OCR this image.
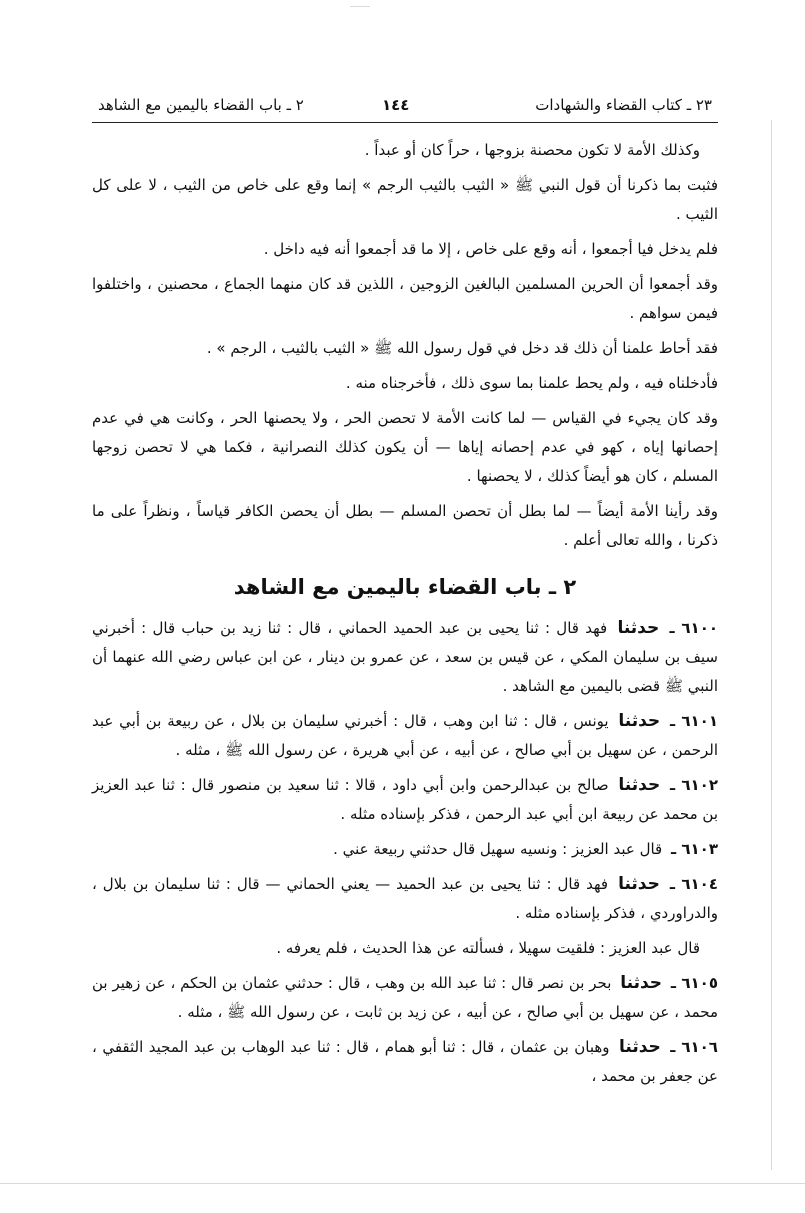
٢٣ ـ كتاب القضاء والشهادات
١٤٤
٢ ـ باب القضاء باليمين مع الشاهد

وكذلك الأمة لا تكون محصنة بزوجها ، حراً كان أو عبداً .

فثبت بما ذكرنا أن قول النبي ﷺ « الثيب بالثيب الرجم » إنما وقع على خاص من الثيب ، لا على كل الثيب .

فلم يدخل فيا أجمعوا ، أنه وقع على خاص ، إلا ما قد أجمعوا أنه فيه داخل .

وقد أجمعوا أن الحرين المسلمين البالغين الزوجين ، اللذين قد كان منهما الجماع ، محصنين ، واختلفوا فيمن سواهم .

فقد أحاط علمنا أن ذلك قد دخل في قول رسول الله ﷺ « الثيب بالثيب ، الرجم » .

فأدخلناه فيه ، ولم يحط علمنا بما سوى ذلك ، فأخرجناه منه .

وقد كان يجيء في القياس — لما كانت الأمة لا تحصن الحر ، ولا يحصنها الحر ، وكانت هي في عدم إحصانها إياه ، كهو في عدم إحصانه إياها — أن يكون كذلك النصرانية ، فكما هي لا تحصن زوجها المسلم ، كان هو أيضاً كذلك ، لا يحصنها .

وقد رأينا الأمة أيضاً — لما بطل أن تحصن المسلم — بطل أن يحصن الكافر قياساً ، ونظراً على ما ذكرنا ، والله تعالى أعلم .

٢ ـ باب القضاء باليمين مع الشاهد

٦١٠٠ ـ حدثنا فهد قال : ثنا يحيى بن عبد الحميد الحماني ، قال : ثنا زيد بن حباب قال : أخبرني سيف بن سليمان المكي ، عن قيس بن سعد ، عن عمرو بن دينار ، عن ابن عباس رضي الله عنهما أن النبي ﷺ قضى باليمين مع الشاهد .

٦١٠١ ـ حدثنا يونس ، قال : ثنا ابن وهب ، قال : أخبرني سليمان بن بلال ، عن ربيعة بن أبي عبد الرحمن ، عن سهيل بن أبي صالح ، عن أبيه ، عن أبي هريرة ، عن رسول الله ﷺ ، مثله .

٦١٠٢ ـ حدثنا صالح بن عبدالرحمن وابن أبي داود ، قالا : ثنا سعيد بن منصور قال : ثنا عبد العزيز بن محمد عن ربيعة ابن أبي عبد الرحمن ، فذكر بإسناده مثله .

٦١٠٣ ـ قال عبد العزيز : ونسيه سهيل قال حدثني ربيعة عني .

٦١٠٤ ـ حدثنا فهد قال : ثنا يحيى بن عبد الحميد — يعني الحماني — قال : ثنا سليمان بن بلال ، والدراوردي ، فذكر بإسناده مثله .

قال عبد العزيز : فلقيت سهيلا ، فسألته عن هذا الحديث ، فلم يعرفه .

٦١٠٥ ـ حدثنا بحر بن نصر قال : ثنا عبد الله بن وهب ، قال : حدثني عثمان بن الحكم ، عن زهير بن محمد ، عن سهيل بن أبي صالح ، عن أبيه ، عن زيد بن ثابت ، عن رسول الله ﷺ ، مثله .

٦١٠٦ ـ حدثنا وهبان بن عثمان ، قال : ثنا أبو همام ، قال : ثنا عبد الوهاب بن عبد المجيد الثقفي ، عن جعفر بن محمد ،
